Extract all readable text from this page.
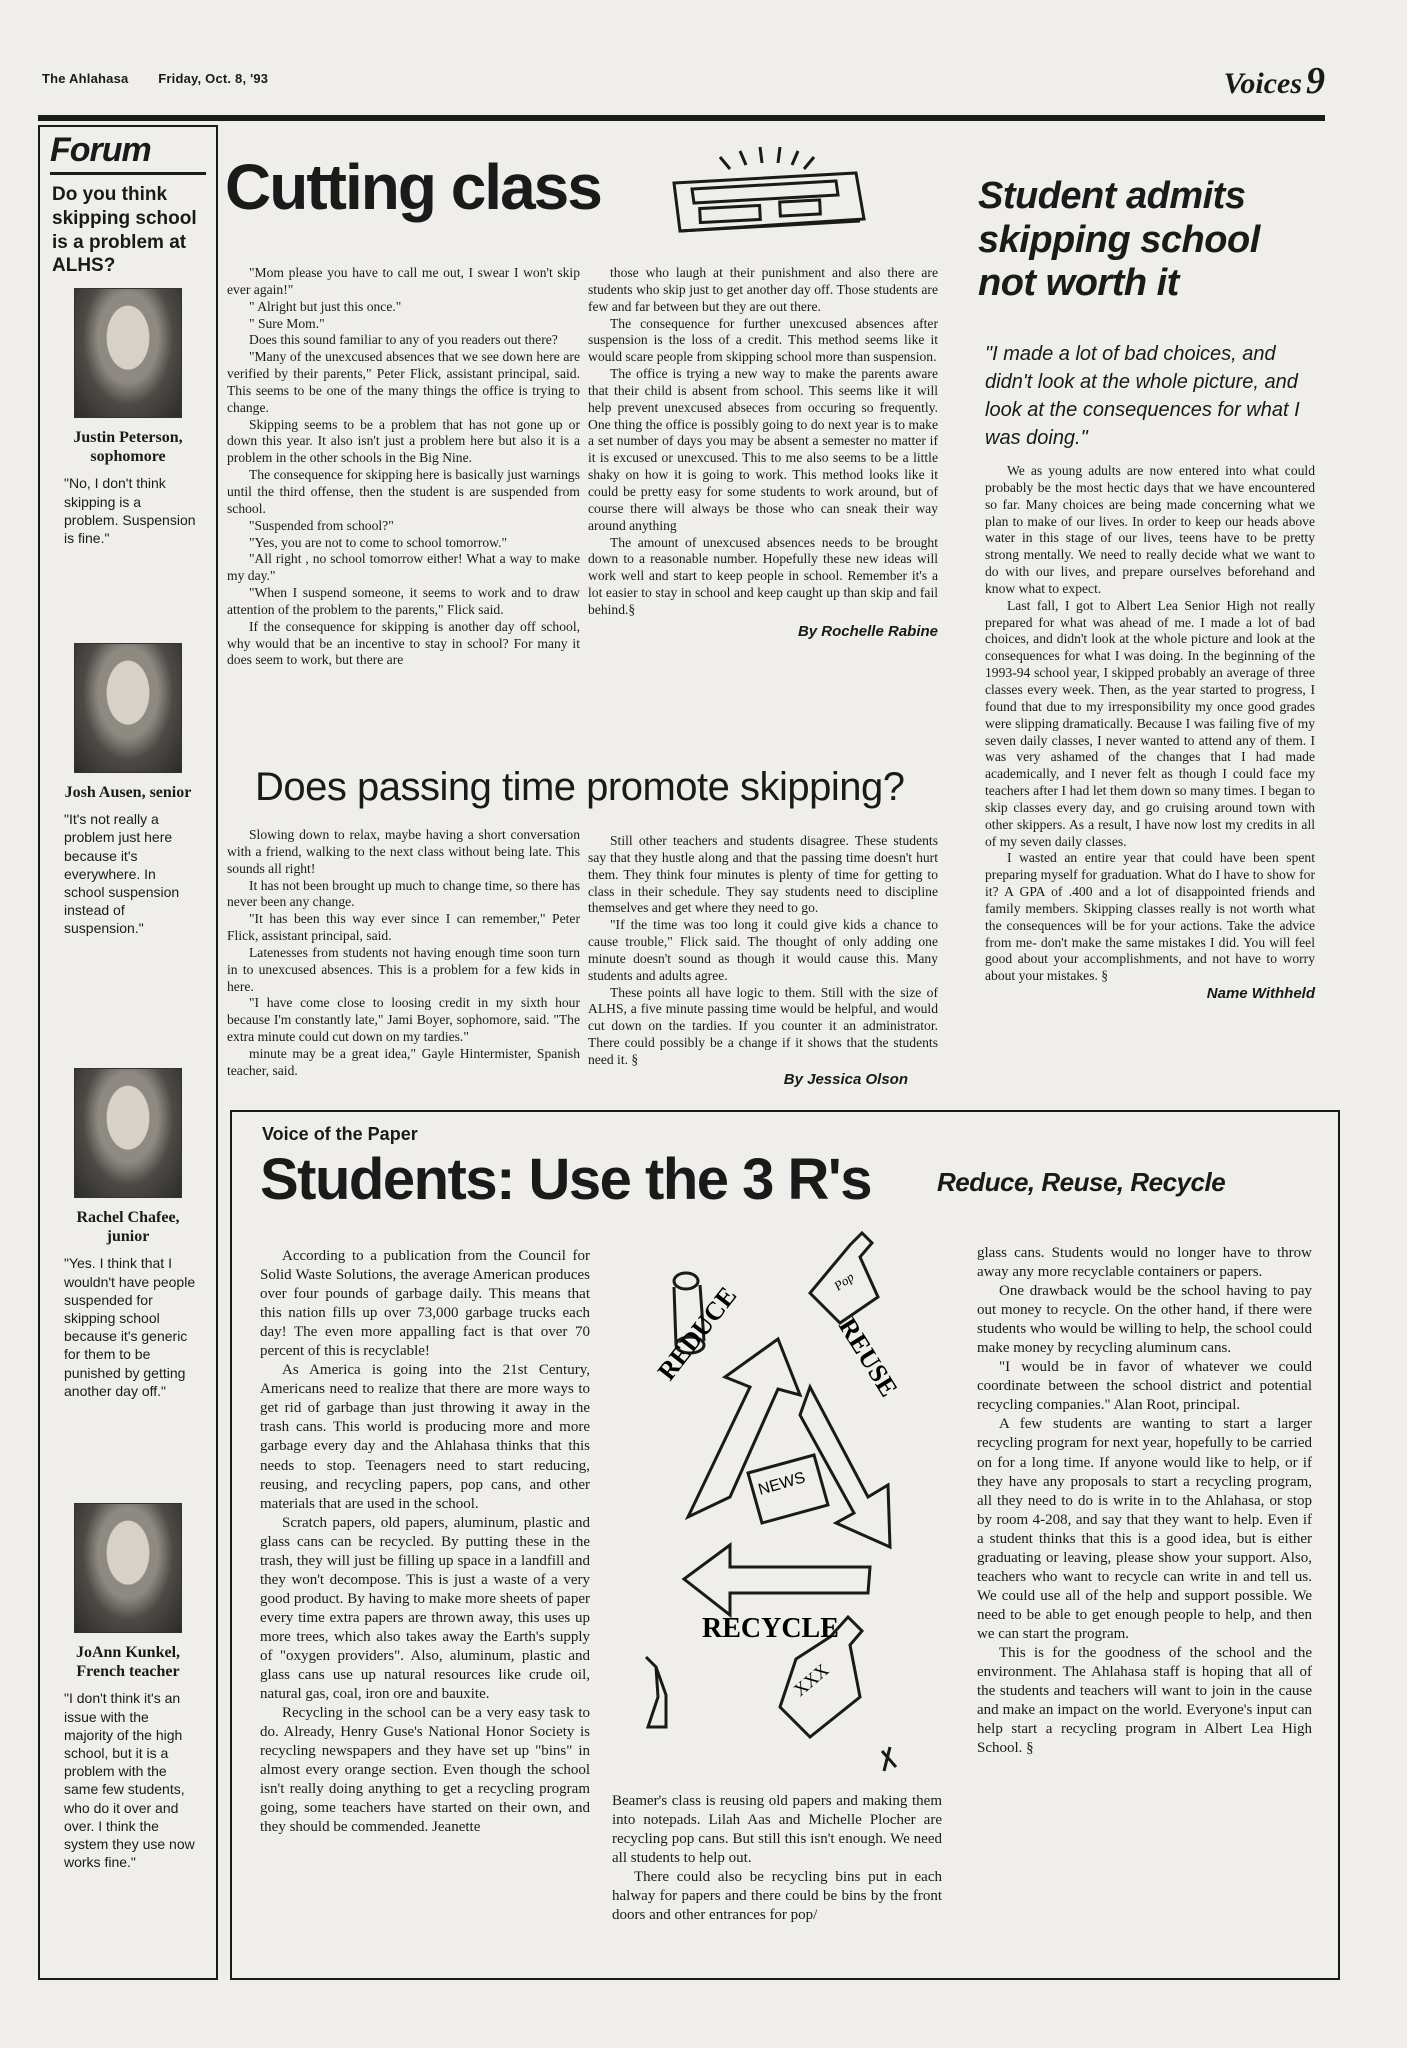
The Ahlahasa Friday, Oct. 8, '93	Voices 9
Forum
Do you think skipping school is a problem at ALHS?
Justin Peterson, sophomore
"No, I don't think skipping is a problem. Suspension is fine."
Josh Ausen, senior
"It's not really a problem just here because it's everywhere. In school suspension instead of suspension."
Rachel Chafee, junior
"Yes. I think that I wouldn't have people suspended for skipping school because it's generic for them to be punished by getting another day off."
JoAnn Kunkel, French teacher
"I don't think it's an issue with the majority of the high school, but it is a problem with the same few students, who do it over and over. I think the system they use now works fine."
Cutting class

"Mom please you have to call me out, I swear I won't skip ever again!"

" Alright but just this once."

" Sure Mom."

Does this sound familiar to any of you readers out there?

"Many of the unexcused absences that we see down here are verified by their parents," Peter Flick, assistant principal, said. This seems to be one of the many things the office is trying to change.

Skipping seems to be a problem that has not gone up or down this year. It also isn't just a problem here but also it is a problem in the other schools in the Big Nine.

The consequence for skipping here is basically just warnings until the third offense, then the student is are suspended from school.

"Suspended from school?"

"Yes, you are not to come to school tomorrow."

"All right , no school tomorrow either! What a way to make my day."

"When I suspend someone, it seems to work and to draw attention of the problem to the parents," Flick said.

If the consequence for skipping is another day off school, why would that be an incentive to stay in school? For many it does seem to work, but there are

those who laugh at their punishment and also there are students who skip just to get another day off. Those students are few and far between but they are out there.

The consequence for further unexcused absences after suspension is the loss of a credit. This method seems like it would scare people from skipping school more than suspension.

The office is trying a new way to make the parents aware that their child is absent from school. This seems like it will help prevent unexcused abseces from occuring so frequently. One thing the office is possibly going to do next year is to make a set number of days you may be absent a semester no matter if it is excused or unexcused. This to me also seems to be a little shaky on how it is going to work. This method looks like it could be pretty easy for some students to work around, but of course there will always be those who can sneak their way around anything

The amount of unexcused absences needs to be brought down to a reasonable number. Hopefully these new ideas will work well and start to keep people in school. Remember it's a lot easier to stay in school and keep caught up than skip and fail behind.§

By Rochelle Rabine
Does passing time promote skipping?

Slowing down to relax, maybe having a short conversation with a friend, walking to the next class without being late. This sounds all right!

It has not been brought up much to change time, so there has never been any change.

"It has been this way ever since I can remember," Peter Flick, assistant principal, said.

Latenesses from students not having enough time soon turn in to unexcused absences. This is a problem for a few kids in here.

"I have come close to loosing credit in my sixth hour because I'm constantly late," Jami Boyer, sophomore, said. "The extra minute could cut down on my tardies."

minute may be a great idea," Gayle Hintermister, Spanish teacher, said.

Still other teachers and students disagree. These students say that they hustle along and that the passing time doesn't hurt them. They think four minutes is plenty of time for getting to class in their schedule. They say students need to discipline themselves and get where they need to go.

"If the time was too long it could give kids a chance to cause trouble," Flick said. The thought of only adding one minute doesn't sound as though it would cause this. Many students and adults agree.

These points all have logic to them. Still with the size of ALHS, a five minute passing time would be helpful, and would cut down on the tardies. If you counter it an administrator. There could possibly be a change if it shows that the students need it. §

By Jessica Olson
Student admits skipping school not worth it
"I made a lot of bad choices, and didn't look at the whole picture, and look at the consequences for what I was doing."

We as young adults are now entered into what could probably be the most hectic days that we have encountered so far. Many choices are being made concerning what we plan to make of our lives. In order to keep our heads above water in this stage of our lives, teens have to be pretty strong mentally. We need to really decide what we want to do with our lives, and prepare ourselves beforehand and know what to expect.

Last fall, I got to Albert Lea Senior High not really prepared for what was ahead of me. I made a lot of bad choices, and didn't look at the whole picture and look at the consequences for what I was doing. In the beginning of the 1993-94 school year, I skipped probably an average of three classes every week. Then, as the year started to progress, I found that due to my irresponsibility my once good grades were slipping dramatically. Because I was failing five of my seven daily classes, I never wanted to attend any of them. I was very ashamed of the changes that I had made academically, and I never felt as though I could face my teachers after I had let them down so many times. I began to skip classes every day, and go cruising around town with other skippers. As a result, I have now lost my credits in all of my seven daily classes.

I wasted an entire year that could have been spent preparing myself for graduation. What do I have to show for it? A GPA of .400 and a lot of disappointed friends and family members. Skipping classes really is not worth what the consequences will be for your actions. Take the advice from me- don't make the same mistakes I did. You will feel good about your accomplishments, and not have to worry about your mistakes. §

Name Withheld
Voice of the Paper
Students: Use the 3 R's	Reduce, Reuse, Recycle

According to a publication from the Council for Solid Waste Solutions, the average American produces over four pounds of garbage daily. This means that this nation fills up over 73,000 garbage trucks each day! The even more appalling fact is that over 70 percent of this is recyclable!

As America is going into the 21st Century, Americans need to realize that there are more ways to get rid of garbage than just throwing it away in the trash cans. This world is producing more and more garbage every day and the Ahlahasa thinks that this needs to stop. Teenagers need to start reducing, reusing, and recycling papers, pop cans, and other materials that are used in the school.

Scratch papers, old papers, aluminum, plastic and glass cans can be recycled. By putting these in the trash, they will just be filling up space in a landfill and they won't decompose. This is just a waste of a very good product. By having to make more sheets of paper every time extra papers are thrown away, this uses up more trees, which also takes away the Earth's supply of "oxygen providers". Also, aluminum, plastic and glass cans use up natural resources like crude oil, natural gas, coal, iron ore and bauxite.

Recycling in the school can be a very easy task to do. Already, Henry Guse's National Honor Society is recycling newspapers and they have set up "bins" in almost every orange section. Even though the school isn't really doing anything to get a recycling program going, some teachers have started on their own, and they should be commended. Jeanette

REDUCE	REUSE
RECYCLE
NEWS
Pop
XXX

Beamer's class is reusing old papers and making them into notepads. Lilah Aas and Michelle Plocher are recycling pop cans. But still this isn't enough. We need all students to help out.

There could also be recycling bins put in each halway for papers and there could be bins by the front doors and other entrances for pop/

glass cans. Students would no longer have to throw away any more recyclable containers or papers.

One drawback would be the school having to pay out money to recycle. On the other hand, if there were students who would be willing to help, the school could make money by recycling aluminum cans.

"I would be in favor of whatever we could coordinate between the school district and potential recycling companies." Alan Root, principal.

A few students are wanting to start a larger recycling program for next year, hopefully to be carried on for a long time. If anyone would like to help, or if they have any proposals to start a recycling program, all they need to do is write in to the Ahlahasa, or stop by room 4-208, and say that they want to help. Even if a student thinks that this is a good idea, but is either graduating or leaving, please show your support. Also, teachers who want to recycle can write in and tell us. We could use all of the help and support possible. We need to be able to get enough people to help, and then we can start the program.

This is for the goodness of the school and the environment. The Ahlahasa staff is hoping that all of the students and teachers will want to join in the cause and make an impact on the world. Everyone's input can help start a recycling program in Albert Lea High School. §
